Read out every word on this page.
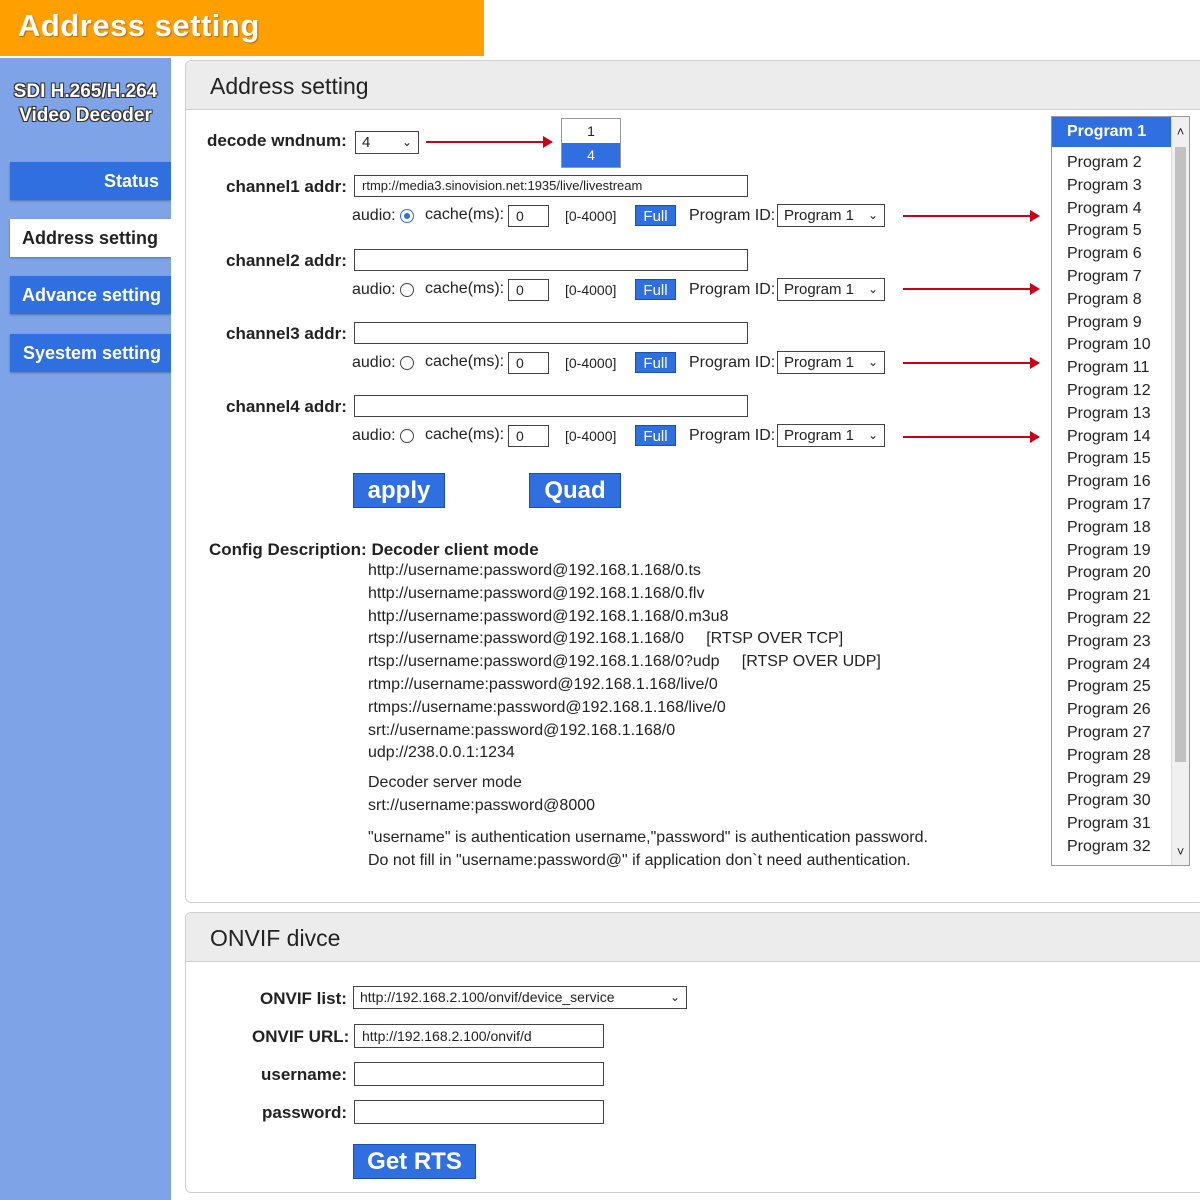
Address setting
SDI H.265/H.264
Video Decoder
Status
Address setting
Advance setting
Syestem setting
Address setting
ONVIF divce
decode wndnum:	4	⌄
1
4
channel1 addr:	rtmp://media3.sinovision.net:1935/live/livestream
audio: cache(ms): 0	[0-4000]	Full	Program ID: Program 1 ⌄
channel2 addr:
audio: cache(ms): 0	[0-4000]	Full	Program ID: Program 1 ⌄
channel3 addr:
audio: cache(ms): 0	[0-4000]	Full	Program ID: Program 1 ⌄
channel4 addr:
audio: cache(ms): 0	[0-4000]	Full	Program ID: Program 1 ⌄
apply	Quad
Config Description: Decoder client mode
http://username:password@192.168.1.168/0.ts
http://username:password@192.168.1.168/0.flv
http://username:password@192.168.1.168/0.m3u8
rtsp://username:password@192.168.1.168/0     [RTSP OVER TCP]
rtsp://username:password@192.168.1.168/0?udp     [RTSP OVER UDP]
rtmp://username:password@192.168.1.168/live/0
rtmps://username:password@192.168.1.168/live/0
srt://username:password@192.168.1.168/0
udp://238.0.0.1:1234
Decoder server mode
srt://username:password@8000
"username" is authentication username,"password" is authentication password.
Do not fill in "username:password@" if application don`t need authentication.
Program 1
Program 2
Program 3
Program 4
Program 5
Program 6
Program 7
Program 8
Program 9
Program 10
Program 11
Program 12
Program 13
Program 14
Program 15
Program 16
Program 17
Program 18
Program 19
Program 20
Program 21
Program 22
Program 23
Program 24
Program 25
Program 26
Program 27
Program 28
Program 29
Program 30
Program 31
Program 32
˄
˅
ONVIF list: http://192.168.2.100/onvif/device_service	⌄
ONVIF URL: http://192.168.2.100/onvif/d
username:
password:
Get RTS
